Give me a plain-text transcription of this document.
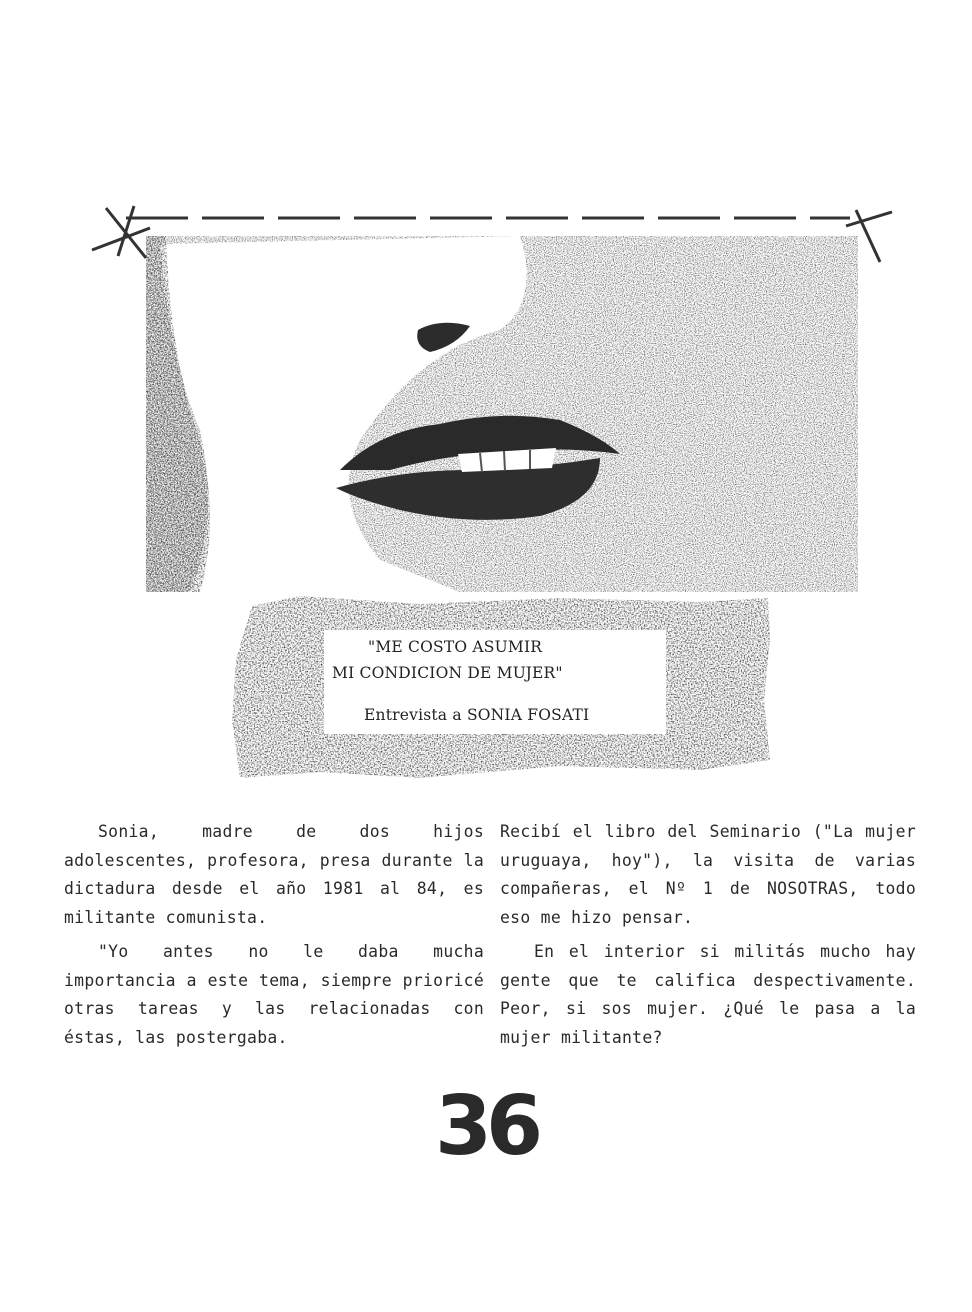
"ME COSTO ASUMIR
MI CONDICION DE MUJER"
Entrevista a SONIA FOSATI

Sonia, madre de dos hijos adolescentes, profesora, presa durante la dictadura desde el año 1981 al 84, es militante comunista.

"Yo antes no le daba mucha importancia a este tema, siempre prioricé otras tareas y las relacionadas con éstas, las postergaba.

Recibí el libro del Seminario ("La mujer uruguaya, hoy"), la visita de varias compañeras, el Nº 1 de NOSOTRAS, todo eso me hizo pensar.

En el interior si militás mucho hay gente que te califica despectivamente. Peor, si sos mujer. ¿Qué le pasa a la mujer militante?

36
